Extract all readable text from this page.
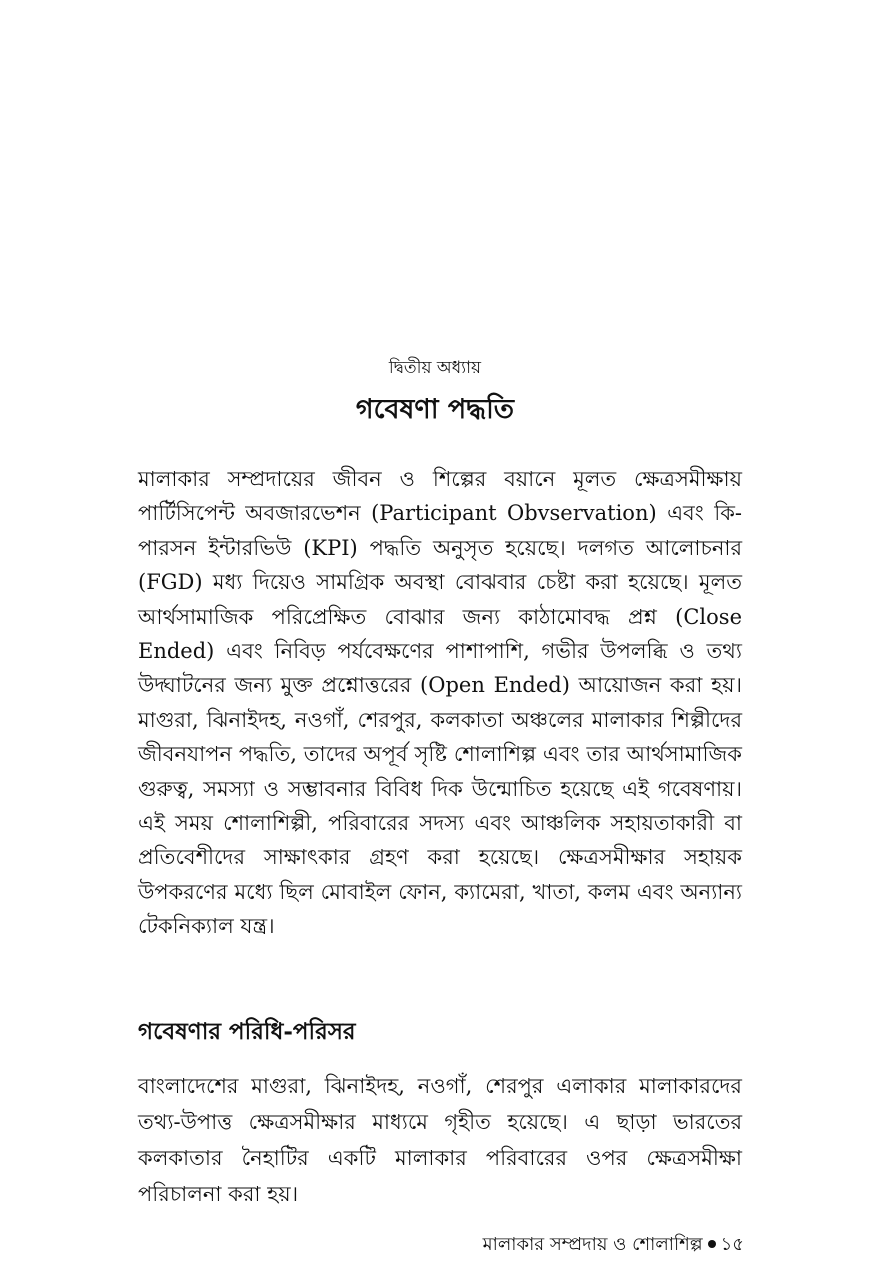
দ্বিতীয় অধ্যায়
গবেষণা পদ্ধতি

মালাকার সম্প্রদায়ের জীবন ও শিল্পের বয়ানে মূলত ক্ষেত্রসমীক্ষায় পার্টিসিপেন্ট অবজারভেশন (Participant Obvservation) এবং কি-পারসন ইন্টারভিউ (KPI) পদ্ধতি অনুসৃত হয়েছে। দলগত আলোচনার (FGD) মধ্য দিয়েও সামগ্রিক অবস্থা বোঝবার চেষ্টা করা হয়েছে। মূলত আর্থসামাজিক পরিপ্রেক্ষিত বোঝার জন্য কাঠামোবদ্ধ প্রশ্ন (Close Ended) এবং নিবিড় পর্যবেক্ষণের পাশাপাশি, গভীর উপলব্ধি ও তথ্য উদ্ঘাটনের জন্য মুক্ত প্রশ্নোত্তরের (Open Ended) আয়োজন করা হয়। মাগুরা, ঝিনাইদহ, নওগাঁ, শেরপুর, কলকাতা অঞ্চলের মালাকার শিল্পীদের জীবনযাপন পদ্ধতি, তাদের অপূর্ব সৃষ্টি শোলাশিল্প এবং তার আর্থসামাজিক গুরুত্ব, সমস্যা ও সম্ভাবনার বিবিধ দিক উন্মোচিত হয়েছে এই গবেষণায়। এই সময় শোলাশিল্পী, পরিবারের সদস্য এবং আঞ্চলিক সহায়তাকারী বা প্রতিবেশীদের সাক্ষাৎকার গ্রহণ করা হয়েছে। ক্ষেত্রসমীক্ষার সহায়ক উপকরণের মধ্যে ছিল মোবাইল ফোন, ক্যামেরা, খাতা, কলম এবং অন্যান্য টেকনিক্যাল যন্ত্র।

গবেষণার পরিধি-পরিসর

বাংলাদেশের মাগুরা, ঝিনাইদহ, নওগাঁ, শেরপুর এলাকার মালাকারদের তথ্য-উপাত্ত ক্ষেত্রসমীক্ষার মাধ্যমে গৃহীত হয়েছে। এ ছাড়া ভারতের কলকাতার নৈহাটির একটি মালাকার পরিবারের ওপর ক্ষেত্রসমীক্ষা পরিচালনা করা হয়।

মালাকার সম্প্রদায় ও শোলাশিল্প ১৫
